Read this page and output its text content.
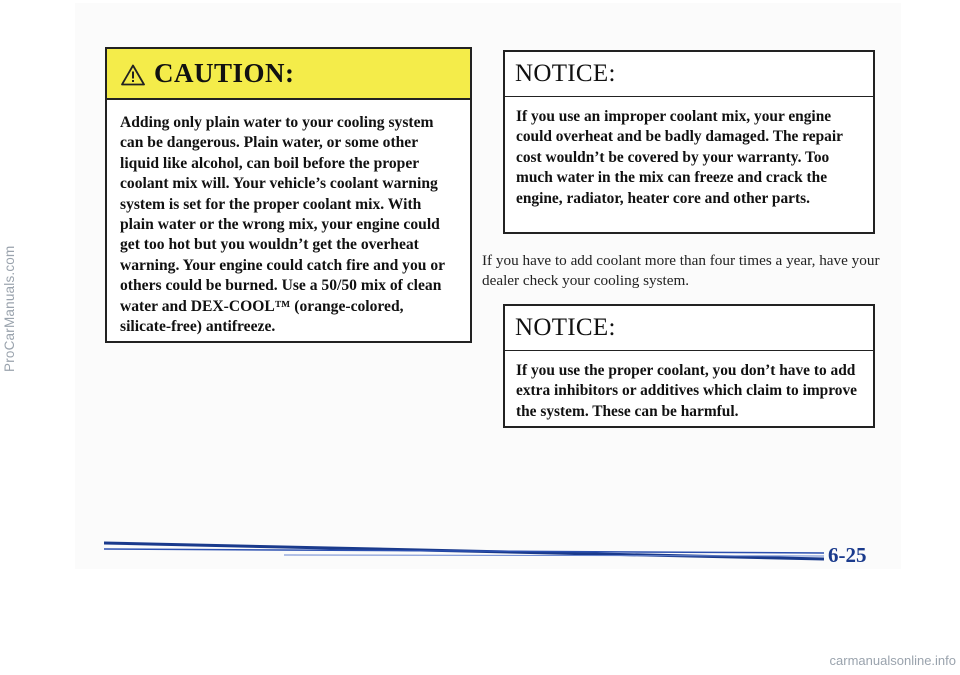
ProCarManuals.com
CAUTION:
Adding only plain water to your cooling system can be dangerous. Plain water, or some other liquid like alcohol, can boil before the proper coolant mix will. Your vehicle’s coolant warning system is set for the proper coolant mix. With plain water or the wrong mix, your engine could get too hot but you wouldn’t get the overheat warning. Your engine could catch fire and you or others could be burned. Use a 50/50 mix of clean water and DEX-COOL™ (orange-colored, silicate-free) antifreeze.
NOTICE:
If you use an improper coolant mix, your engine could overheat and be badly damaged. The repair cost wouldn’t be covered by your warranty. Too much water in the mix can freeze and crack the engine, radiator, heater core and other parts.
If you have to add coolant more than four times a year, have your dealer check your cooling system.
NOTICE:
If you use the proper coolant, you don’t have to add extra inhibitors or additives which claim to improve the system. These can be harmful.
6-25
carmanualsonline.info
